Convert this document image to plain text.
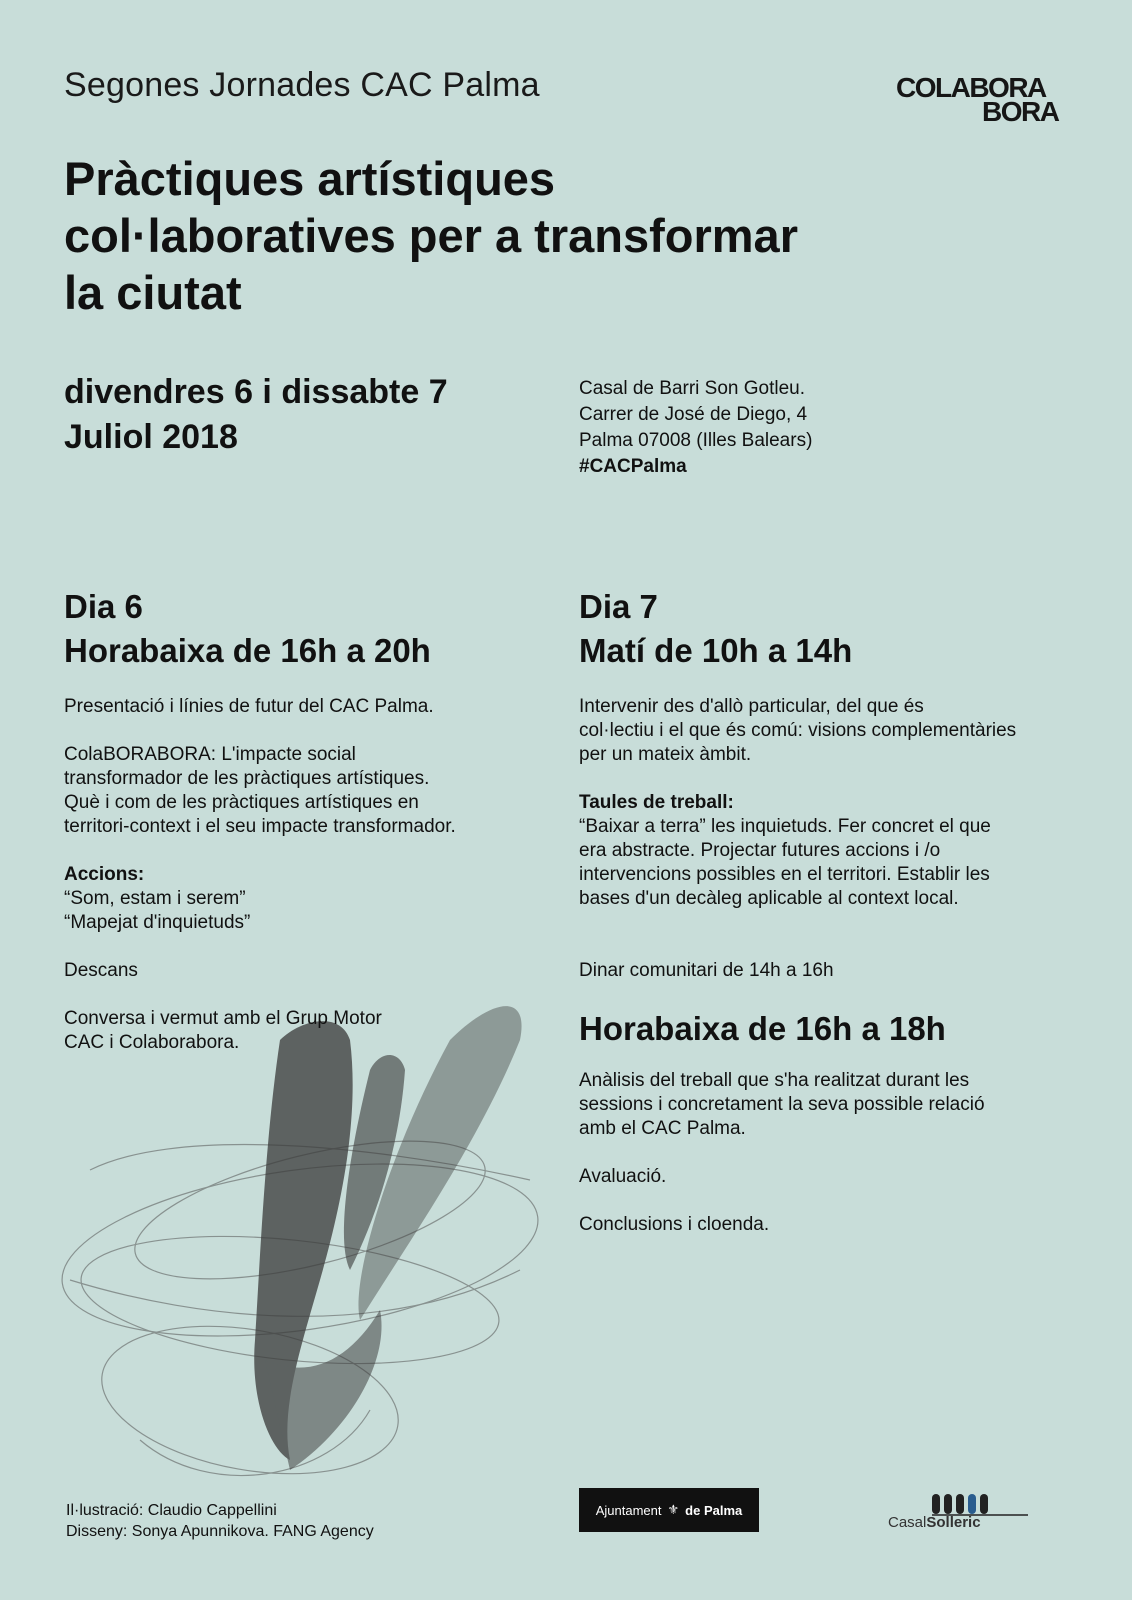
Segones Jornades CAC Palma	COLABORA
BORA
Pràctiques artístiques
col·laboratives per a transformar
la ciutat
divendres 6 i dissabte 7
Juliol 2018
Casal de Barri Son Gotleu.
Carrer de José de Diego, 4
Palma 07008 (Illes Balears)
#CACPalma
Dia 6
Horabaixa de 16h a 20h

Presentació i línies de futur del CAC Palma.

ColaBORABORA: L'impacte social
transformador de les pràctiques artístiques.
Què i com de les pràctiques artístiques en
territori-context i el seu impacte transformador.

Accions:
“Som, estam i serem”
“Mapejat d'inquietuds”

Descans

Conversa i vermut amb el Grup Motor
CAC i Colaborabora.

Dia 7
Matí de 10h a 14h

Intervenir des d'allò particular, del que és
col·lectiu i el que és comú: visions complementàries
per un mateix àmbit.

Taules de treball:
“Baixar a terra” les inquietuds. Fer concret el que
era abstracte. Projectar futures accions i /o
intervencions possibles en el territori. Establir les
bases d'un decàleg aplicable al context local.

Dinar comunitari de 14h a 16h

Horabaixa de 16h a 18h

Anàlisis del treball que s'ha realitzat durant les
sessions i concretament la seva possible relació
amb el CAC Palma.

Avaluació.

Conclusions i cloenda.

Il·lustració: Claudio Cappellini
Disseny: Sonya Apunnikova. FANG Agency
Ajuntament ⚜ de Palma
CasalSolleric
